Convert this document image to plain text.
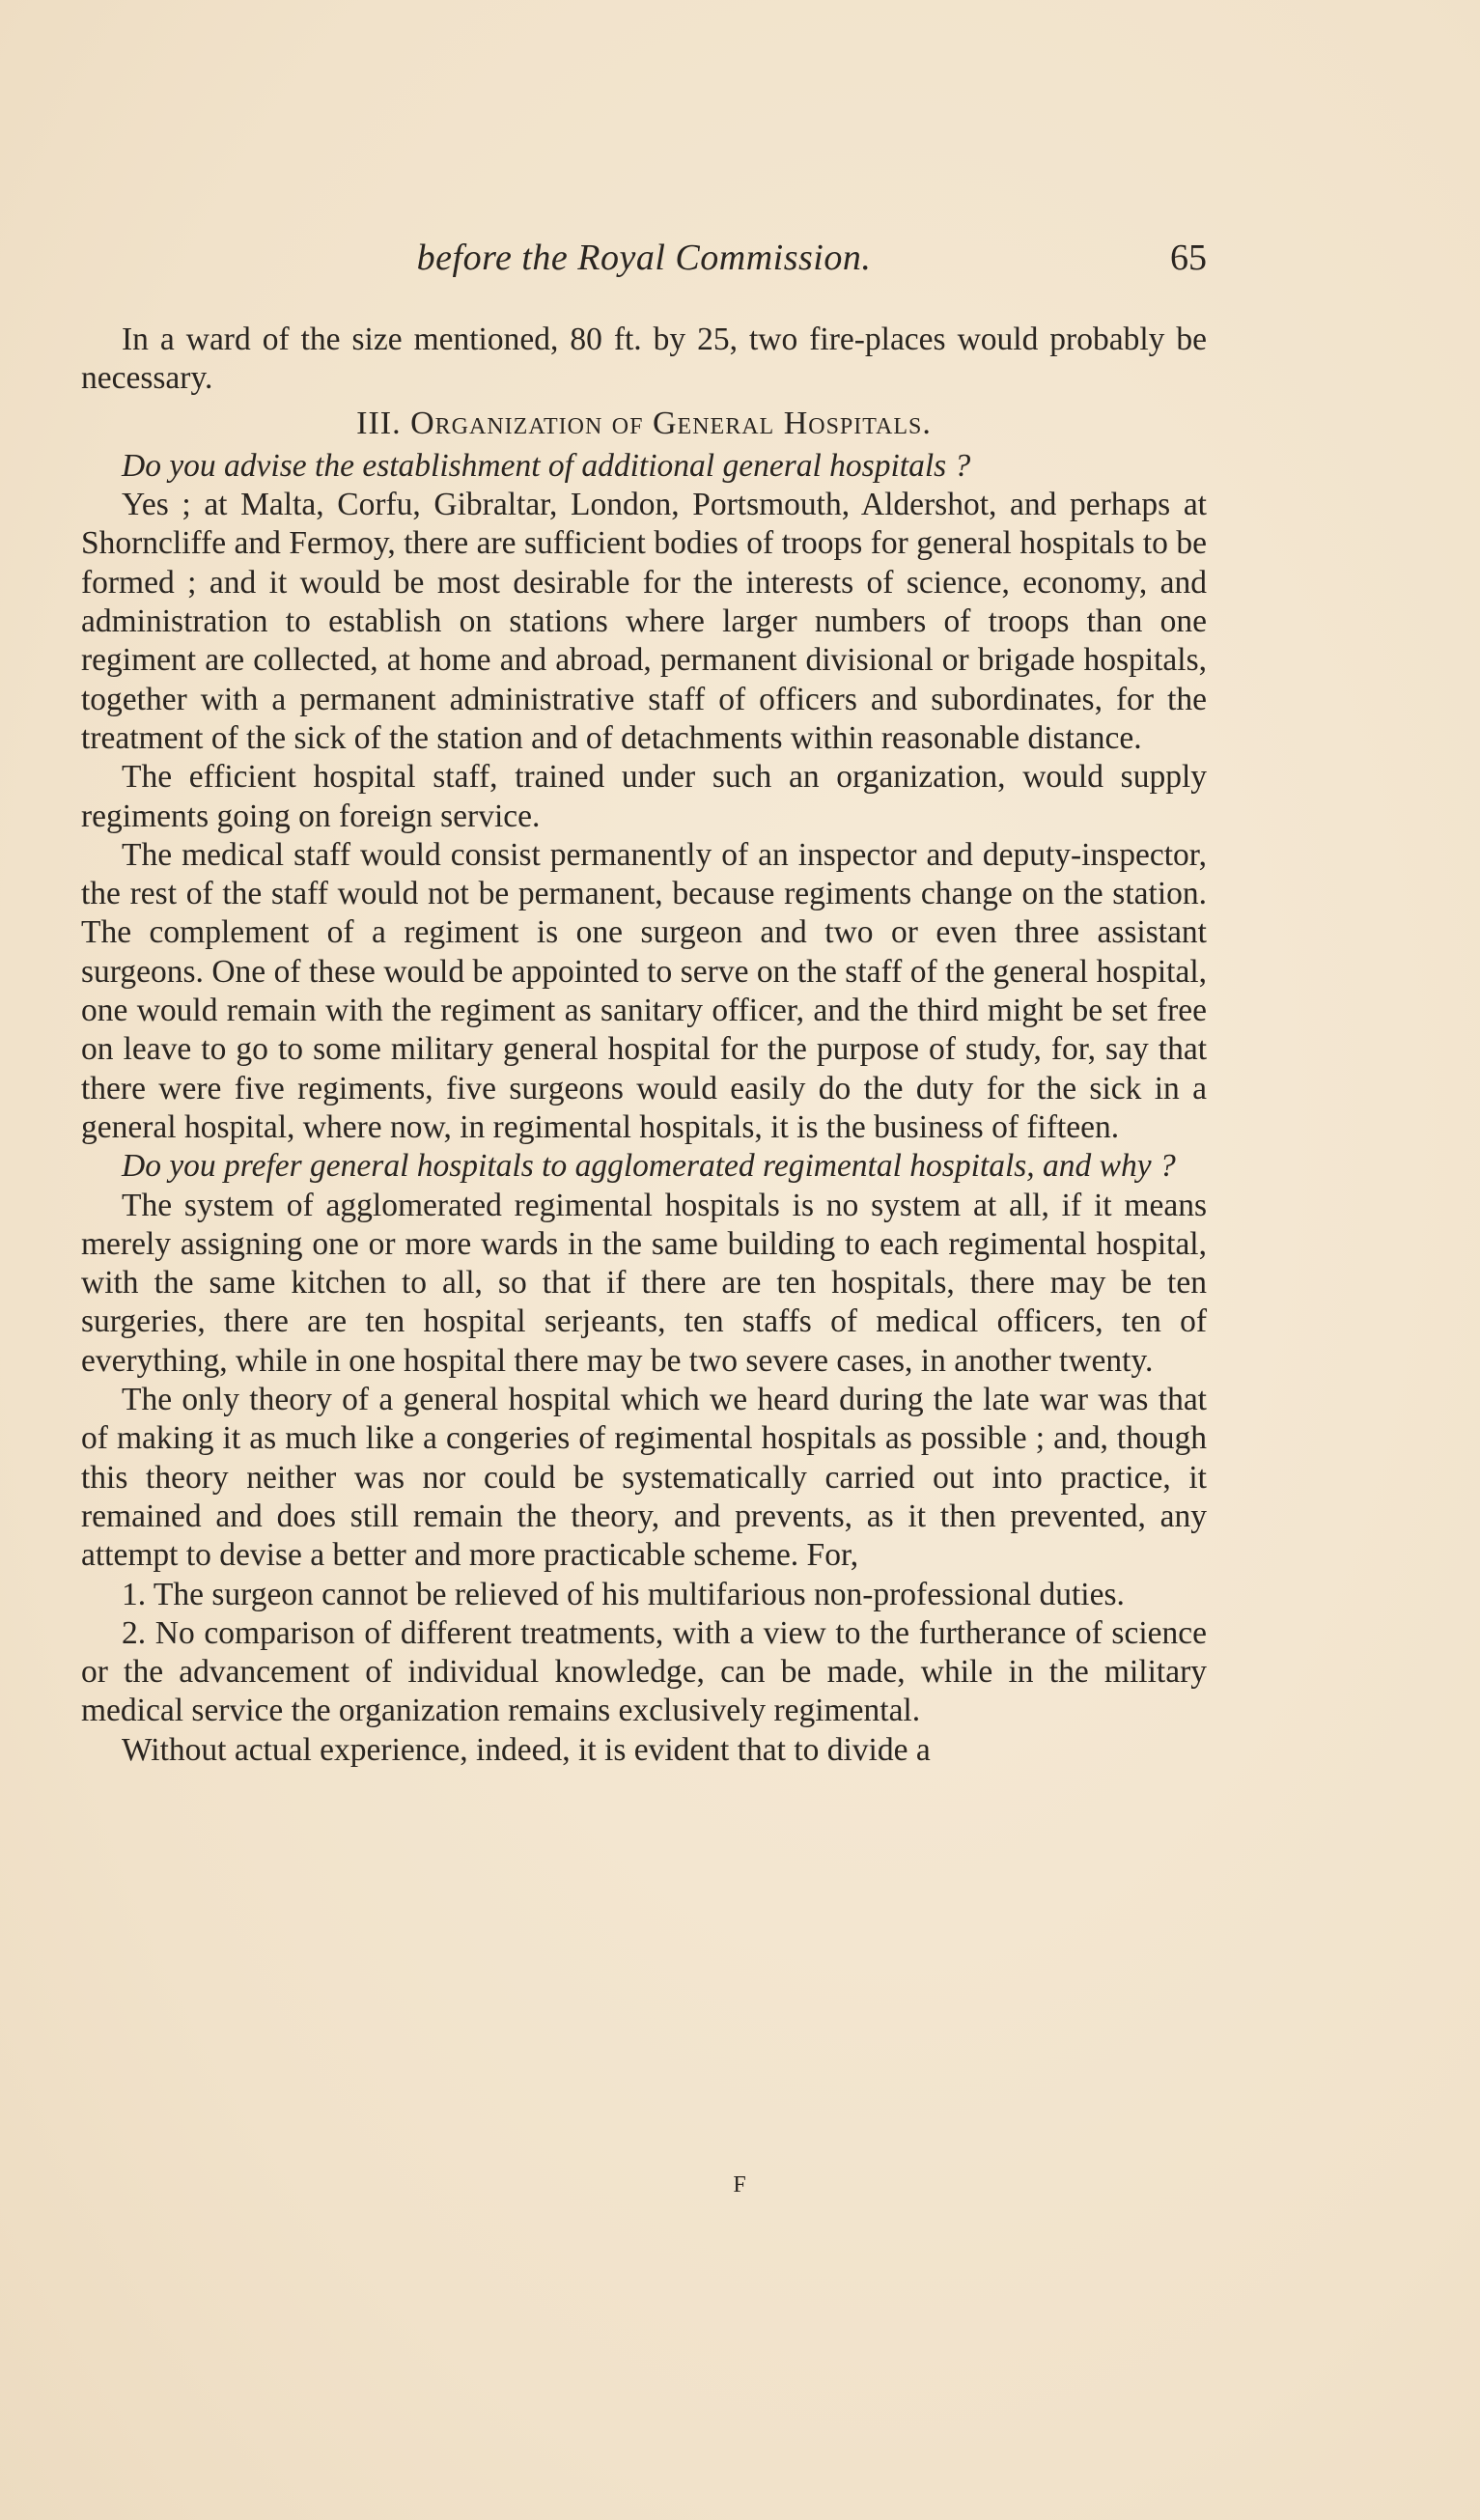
before the Royal Commission.	65

In a ward of the size mentioned, 80 ft. by 25, two fire-places would probably be necessary.

III. Organization of General Hospitals.

Do you advise the establishment of additional general hospitals ?

Yes ; at Malta, Corfu, Gibraltar, London, Portsmouth, Aldershot, and perhaps at Shorncliffe and Fermoy, there are sufficient bodies of troops for general hospitals to be formed ; and it would be most desirable for the interests of science, economy, and administration to establish on stations where larger numbers of troops than one regiment are collected, at home and abroad, permanent divisional or brigade hospitals, together with a permanent administrative staff of officers and subordinates, for the treatment of the sick of the station and of detachments within reasonable distance.

The efficient hospital staff, trained under such an organization, would supply regiments going on foreign service.

The medical staff would consist permanently of an inspector and deputy-inspector, the rest of the staff would not be permanent, because regiments change on the station. The complement of a regiment is one surgeon and two or even three assistant surgeons. One of these would be appointed to serve on the staff of the general hospital, one would remain with the regiment as sanitary officer, and the third might be set free on leave to go to some military general hospital for the purpose of study, for, say that there were five regiments, five surgeons would easily do the duty for the sick in a general hospital, where now, in regimental hospitals, it is the business of fifteen.

Do you prefer general hospitals to agglomerated regimental hospitals, and why ?

The system of agglomerated regimental hospitals is no system at all, if it means merely assigning one or more wards in the same building to each regimental hospital, with the same kitchen to all, so that if there are ten hospitals, there may be ten surgeries, there are ten hospital serjeants, ten staffs of medical officers, ten of everything, while in one hospital there may be two severe cases, in another twenty.

The only theory of a general hospital which we heard during the late war was that of making it as much like a congeries of regimental hospitals as possible ; and, though this theory neither was nor could be systematically carried out into practice, it remained and does still remain the theory, and prevents, as it then prevented, any attempt to devise a better and more practicable scheme. For,

1. The surgeon cannot be relieved of his multifarious non-professional duties.

2. No comparison of different treatments, with a view to the furtherance of science or the advancement of individual knowledge, can be made, while in the military medical service the organization remains exclusively regimental.

Without actual experience, indeed, it is evident that to divide a

F
